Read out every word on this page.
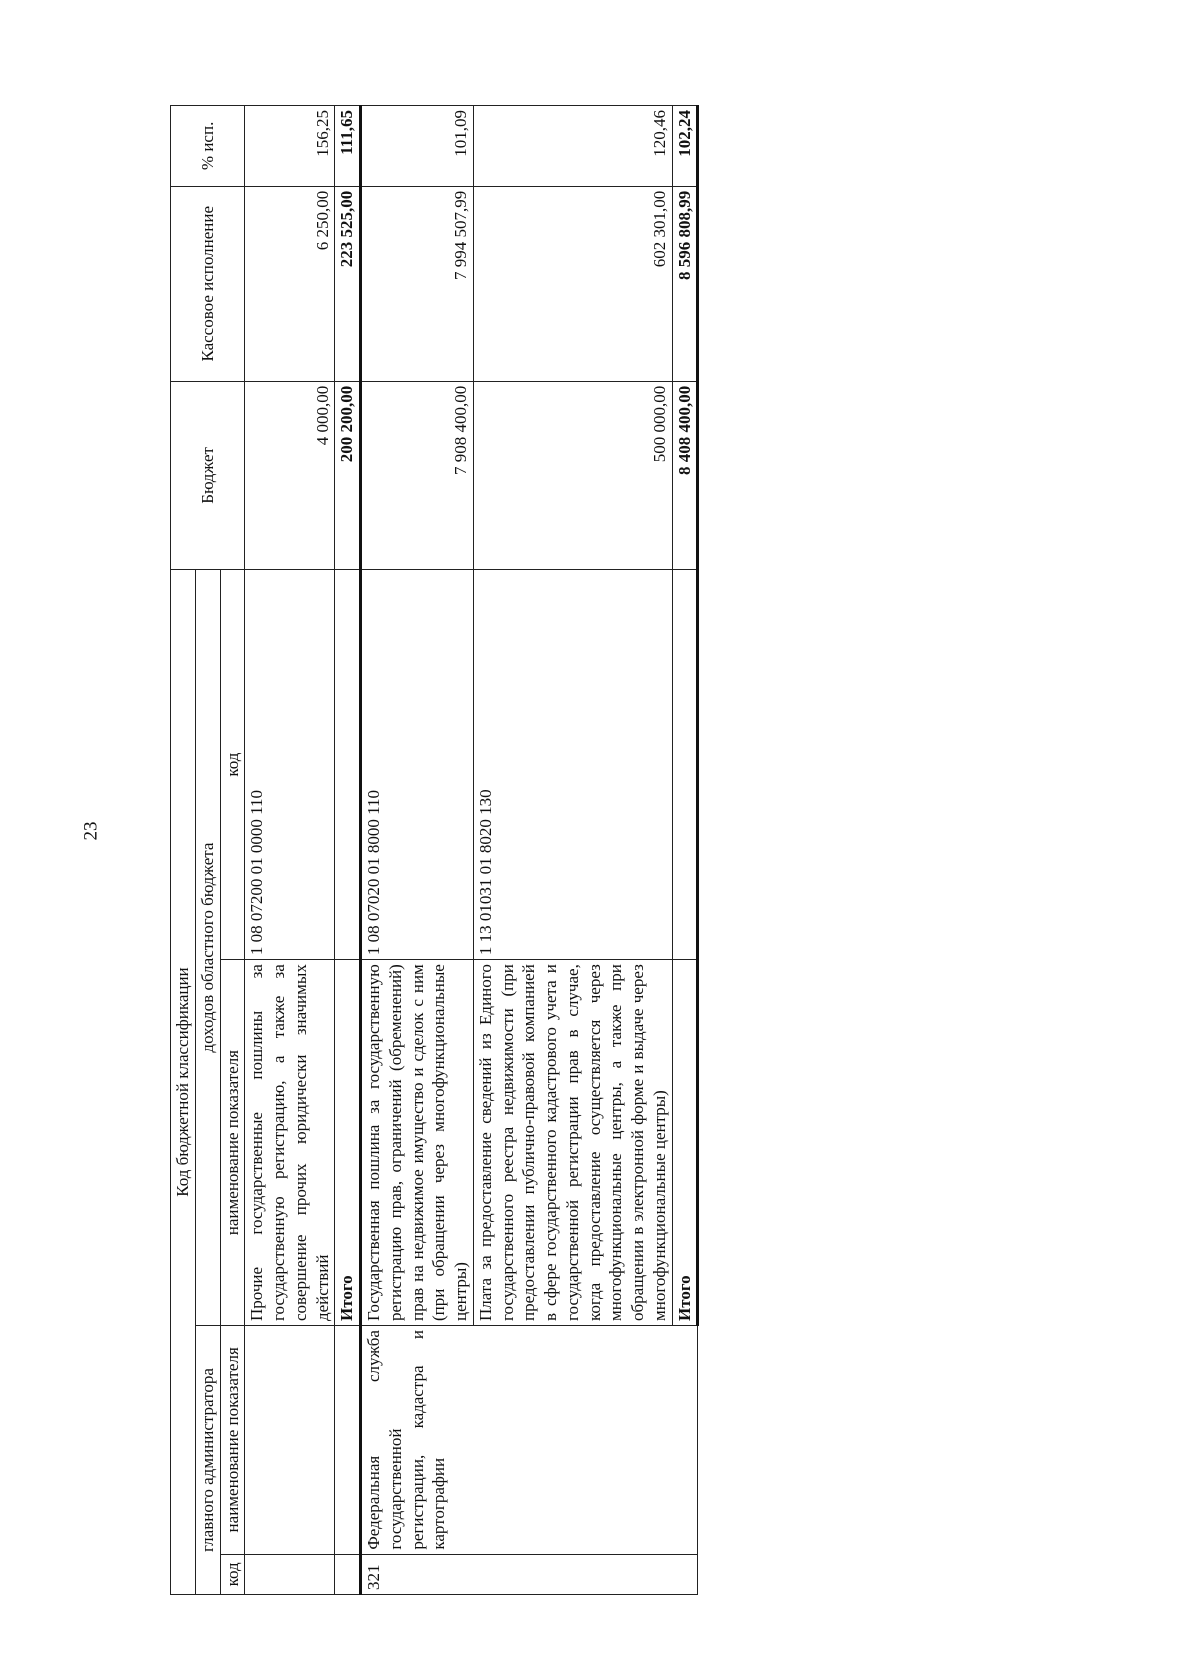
23
Код бюджетной классификации				Бюджет	Кассовое исполнение	% исп.
главного администратора		доходов областного бюджета				
код	наименование показателя	наименование показателя	код			
		Прочие государственные пошлины за государственную регистрацию, а также за совершение прочих юридически значимых действий	1 08 07200 01 0000 110	4 000,00	6 250,00	156,25
		Итого		200 200,00	223 525,00	111,65
321	Федеральная служба государственной регистрации, кадастра и картографии	Государственная пошлина за государственную регистрацию прав, ограничений (обременений) прав на недвижимое имущество и сделок с ним (при обращении через многофункциональные центры)	1 08 07020 01 8000 110	7 908 400,00	7 994 507,99	101,09
		Плата за предоставление сведений из Единого государственного реестра недвижимости (при предоставлении публично-правовой компанией в сфере государственного кадастрового учета и государственной регистрации прав в случае, когда предоставление осуществляется через многофункциональные центры, а также при обращении в электронной форме и выдаче через многофункциональные центры)	1 13 01031 01 8020 130	500 000,00	602 301,00	120,46
		Итого		8 408 400,00	8 596 808,99	102,24
